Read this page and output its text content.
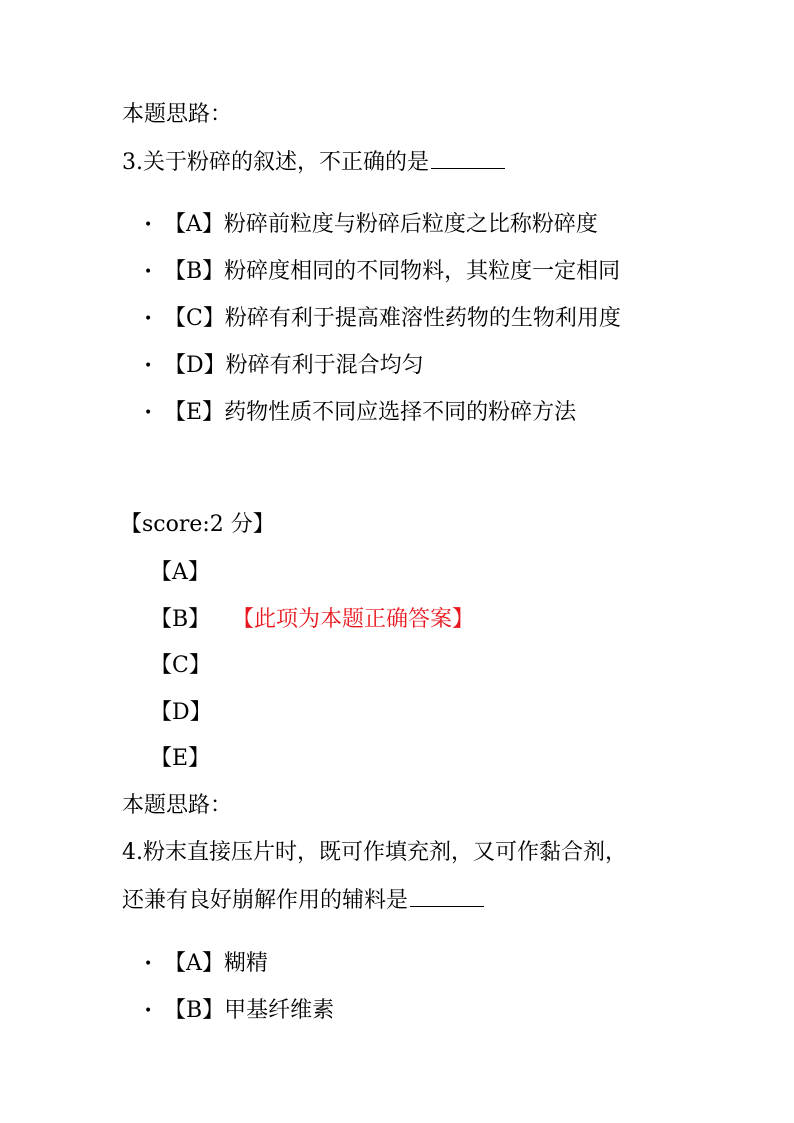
本题思路：
3.关于粉碎的叙述，不正确的是
• 【A】粉碎前粒度与粉碎后粒度之比称粉碎度
• 【B】粉碎度相同的不同物料，其粒度一定相同
• 【C】粉碎有利于提高难溶性药物的生物利用度
• 【D】粉碎有利于混合均匀
• 【E】药物性质不同应选择不同的粉碎方法
【score:2 分】
【A】
【B】 【此项为本题正确答案】
【C】
【D】
【E】
本题思路：
4.粉末直接压片时，既可作填充剂，又可作黏合剂，
还兼有良好崩解作用的辅料是
• 【A】糊精
• 【B】甲基纤维素
